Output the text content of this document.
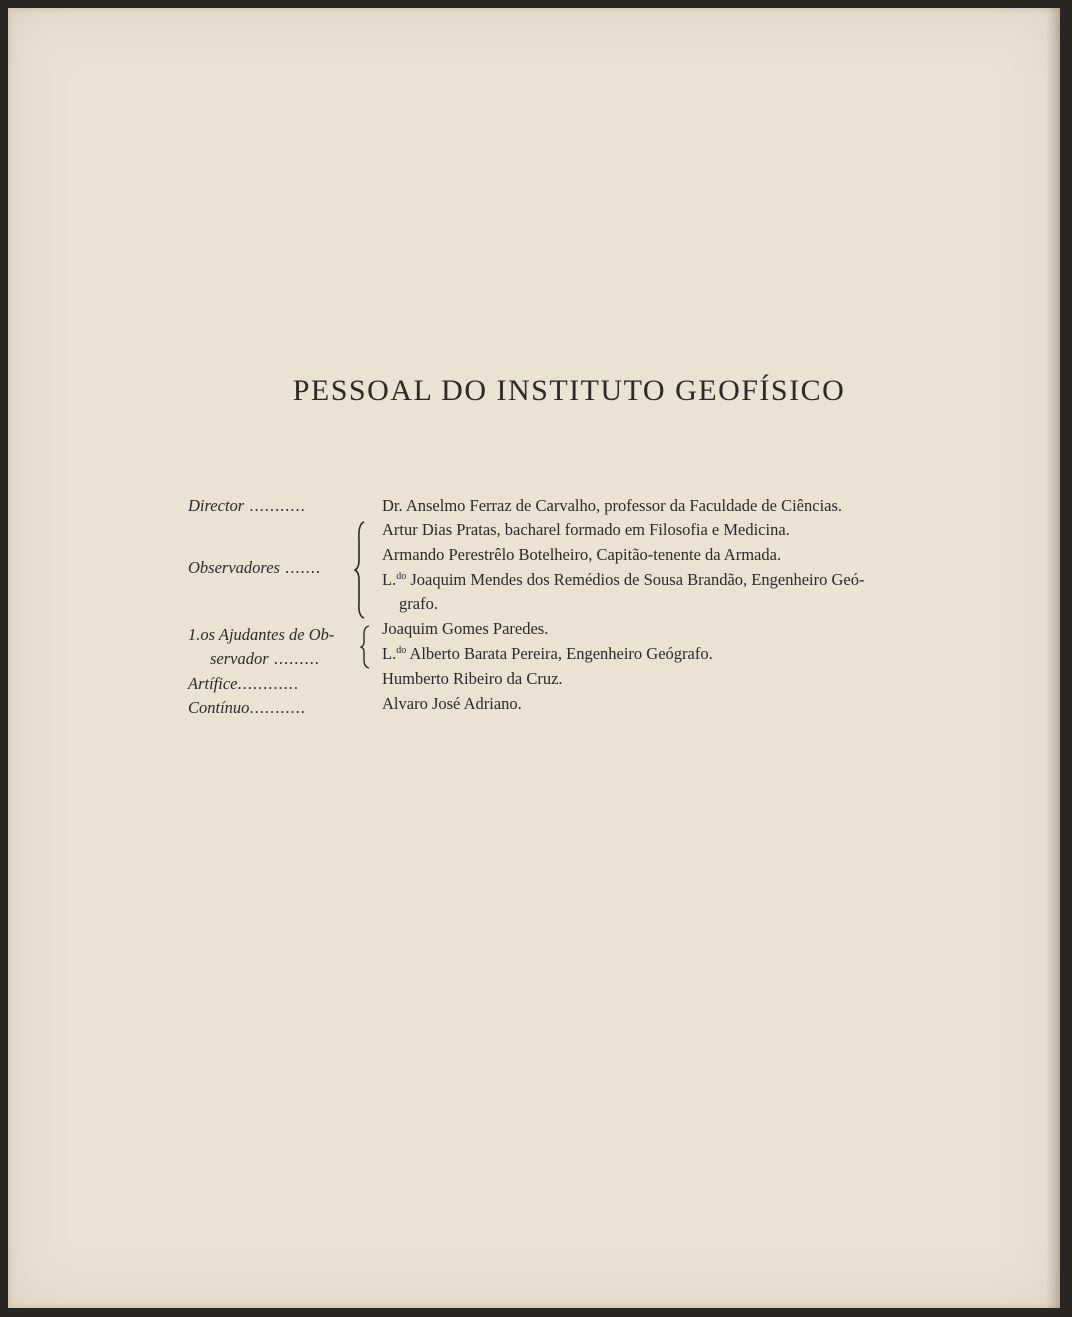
PESSOAL DO INSTITUTO GEOFÍSICO
Director ...........
Observadores .......
1.os Ajudantes de Ob-
servador .........
Artífice............
Contínuo...........
Dr. Anselmo Ferraz de Carvalho, professor da Faculdade de Ciências.
Artur Dias Pratas, bacharel formado em Filosofia e Medicina.
Armando Perestrêlo Botelheiro, Capitão-tenente da Armada.
L.$^{do}$ Joaquim Mendes dos Remédios de Sousa Brandão, Engenheiro Geó-
grafo.
Joaquim Gomes Paredes.
L.$^{do}$ Alberto Barata Pereira, Engenheiro Geógrafo.
Humberto Ribeiro da Cruz.
Alvaro José Adriano.
